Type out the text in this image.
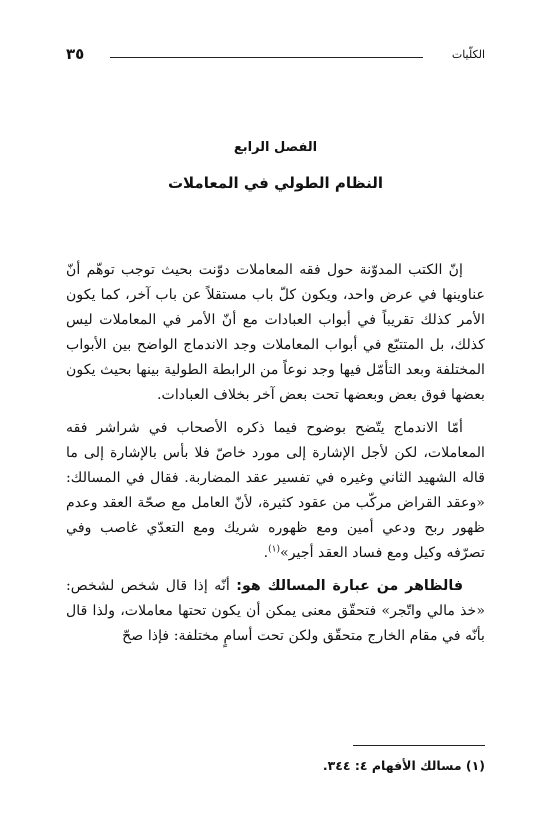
٣٥	الكلّيات
الفصل الرابع
النظام الطولي في المعاملات

إنّ الكتب المدوّنة حول فقه المعاملات دوّنت بحيث توجب توهّم أنّ عناوينها في عرض واحد، ويكون كلّ باب مستقلاً عن باب آخر، كما يكون الأمر كذلك تقريباً في أبواب العبادات مع أنّ الأمر في المعاملات ليس كذلك، بل المتتبّع في أبواب المعاملات وجد الاندماج الواضح بين الأبواب المختلفة وبعد التأمّل فيها وجد نوعاً من الرابطة الطولية بينها بحيث يكون بعضها فوق بعض وبعضها تحت بعض آخر بخلاف العبادات.

أمّا الاندماج يتّضح بوضوح فيما ذكره الأصحاب في شراشر فقه المعاملات، لكن لأجل الإشارة إلى مورد خاصّ فلا بأس بالإشارة إلى ما قاله الشهيد الثاني وغيره في تفسير عقد المضاربة. فقال في المسالك: «وعقد القراض مركّب من عقود كثيرة، لأنّ العامل مع صحّة العقد وعدم ظهور ربح ودعي أمين ومع ظهوره شريك ومع التعدّي غاصب وفي تصرّفه وكيل ومع فساد العقد أجير»$^{(١)}$.

فالظاهر من عبارة المسالك هو: أنّه إذا قال شخص لشخص: «خذ مالي واتّجر» فتحقّق معنى يمكن أن يكون تحتها معاملات، ولذا قال بأنّه في مقام الخارج متحقّق ولكن تحت أسامٍ مختلفة: فإذا صحّ

(١) مسالك الأفهام ٤: ٣٤٤.
